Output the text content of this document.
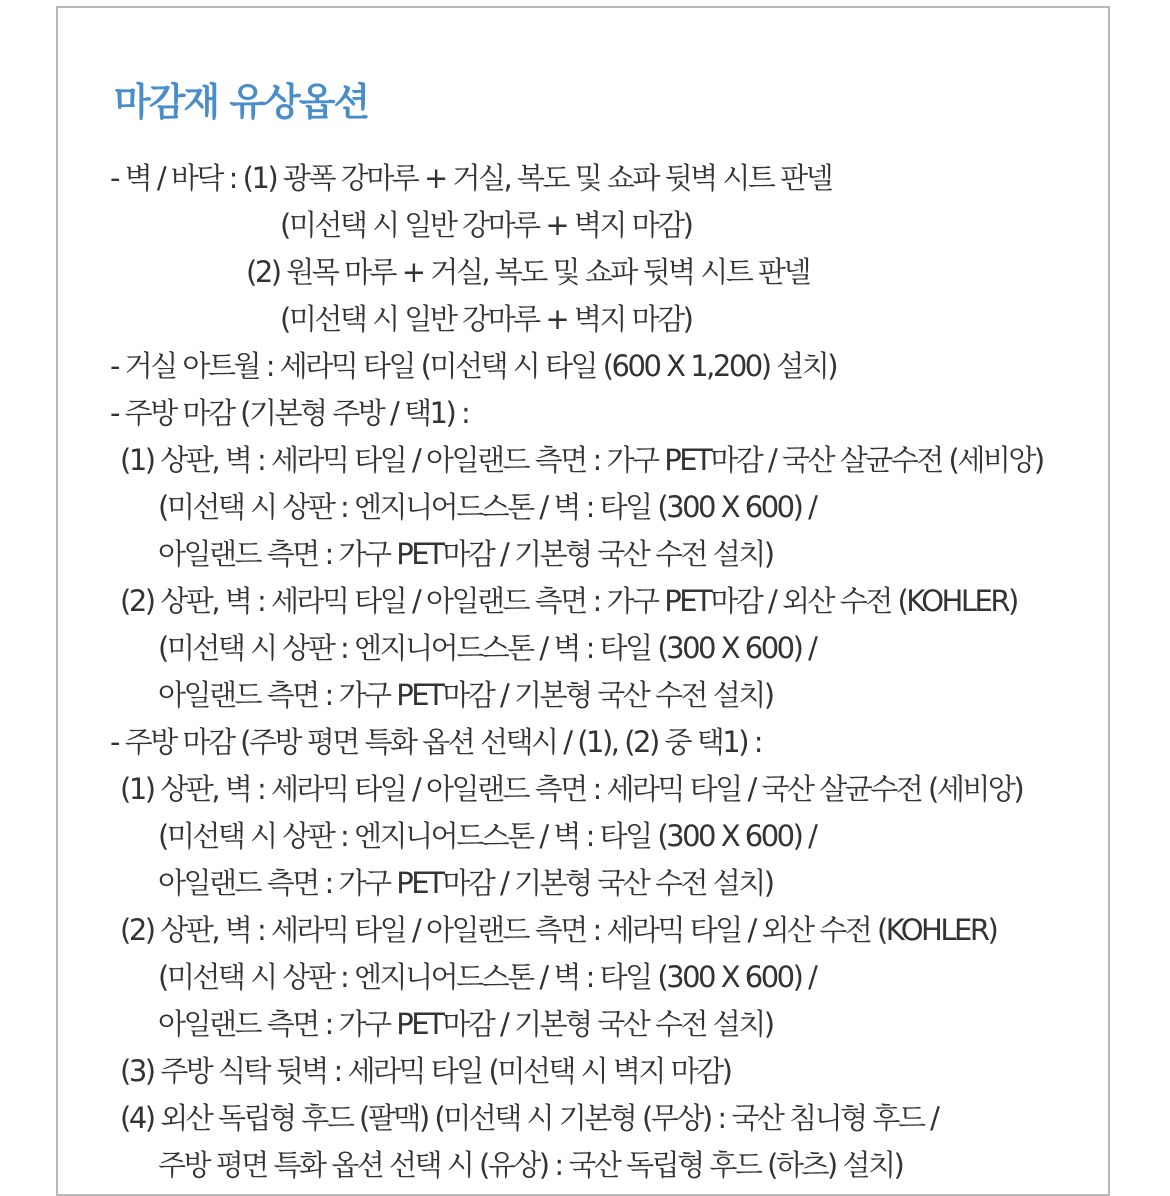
마감재 유상옵션

- 벽 / 바닥 : (1) 광폭 강마루 + 거실, 복도 및 쇼파 뒷벽 시트 판넬

(미선택 시 일반 강마루 + 벽지 마감)

(2) 원목 마루 + 거실, 복도 및 쇼파 뒷벽 시트 판넬

(미선택 시 일반 강마루 + 벽지 마감)

- 거실 아트월 : 세라믹 타일 (미선택 시 타일 (600 X 1,200) 설치)

- 주방 마감 (기본형 주방 / 택1) :

(1) 상판, 벽 : 세라믹 타일 / 아일랜드 측면 : 가구 PET마감 / 국산 살균수전 (세비앙)

(미선택 시 상판 : 엔지니어드스톤 / 벽 : 타일 (300 X 600) /

아일랜드 측면 : 가구 PET마감 / 기본형 국산 수전 설치)

(2) 상판, 벽 : 세라믹 타일 / 아일랜드 측면 : 가구 PET마감 / 외산 수전 (KOHLER)

(미선택 시 상판 : 엔지니어드스톤 / 벽 : 타일 (300 X 600) /

아일랜드 측면 : 가구 PET마감 / 기본형 국산 수전 설치)

- 주방 마감 (주방 평면 특화 옵션 선택시 / (1), (2) 중 택1) :

(1) 상판, 벽 : 세라믹 타일 / 아일랜드 측면 : 세라믹 타일 / 국산 살균수전 (세비앙)

(미선택 시 상판 : 엔지니어드스톤 / 벽 : 타일 (300 X 600) /

아일랜드 측면 : 가구 PET마감 / 기본형 국산 수전 설치)

(2) 상판, 벽 : 세라믹 타일 / 아일랜드 측면 : 세라믹 타일 / 외산 수전 (KOHLER)

(미선택 시 상판 : 엔지니어드스톤 / 벽 : 타일 (300 X 600) /

아일랜드 측면 : 가구 PET마감 / 기본형 국산 수전 설치)

(3) 주방 식탁 뒷벽 : 세라믹 타일 (미선택 시 벽지 마감)

(4) 외산 독립형 후드 (팔맥) (미선택 시 기본형 (무상) : 국산 침니형 후드 /

주방 평면 특화 옵션 선택 시 (유상) : 국산 독립형 후드 (하츠) 설치)
